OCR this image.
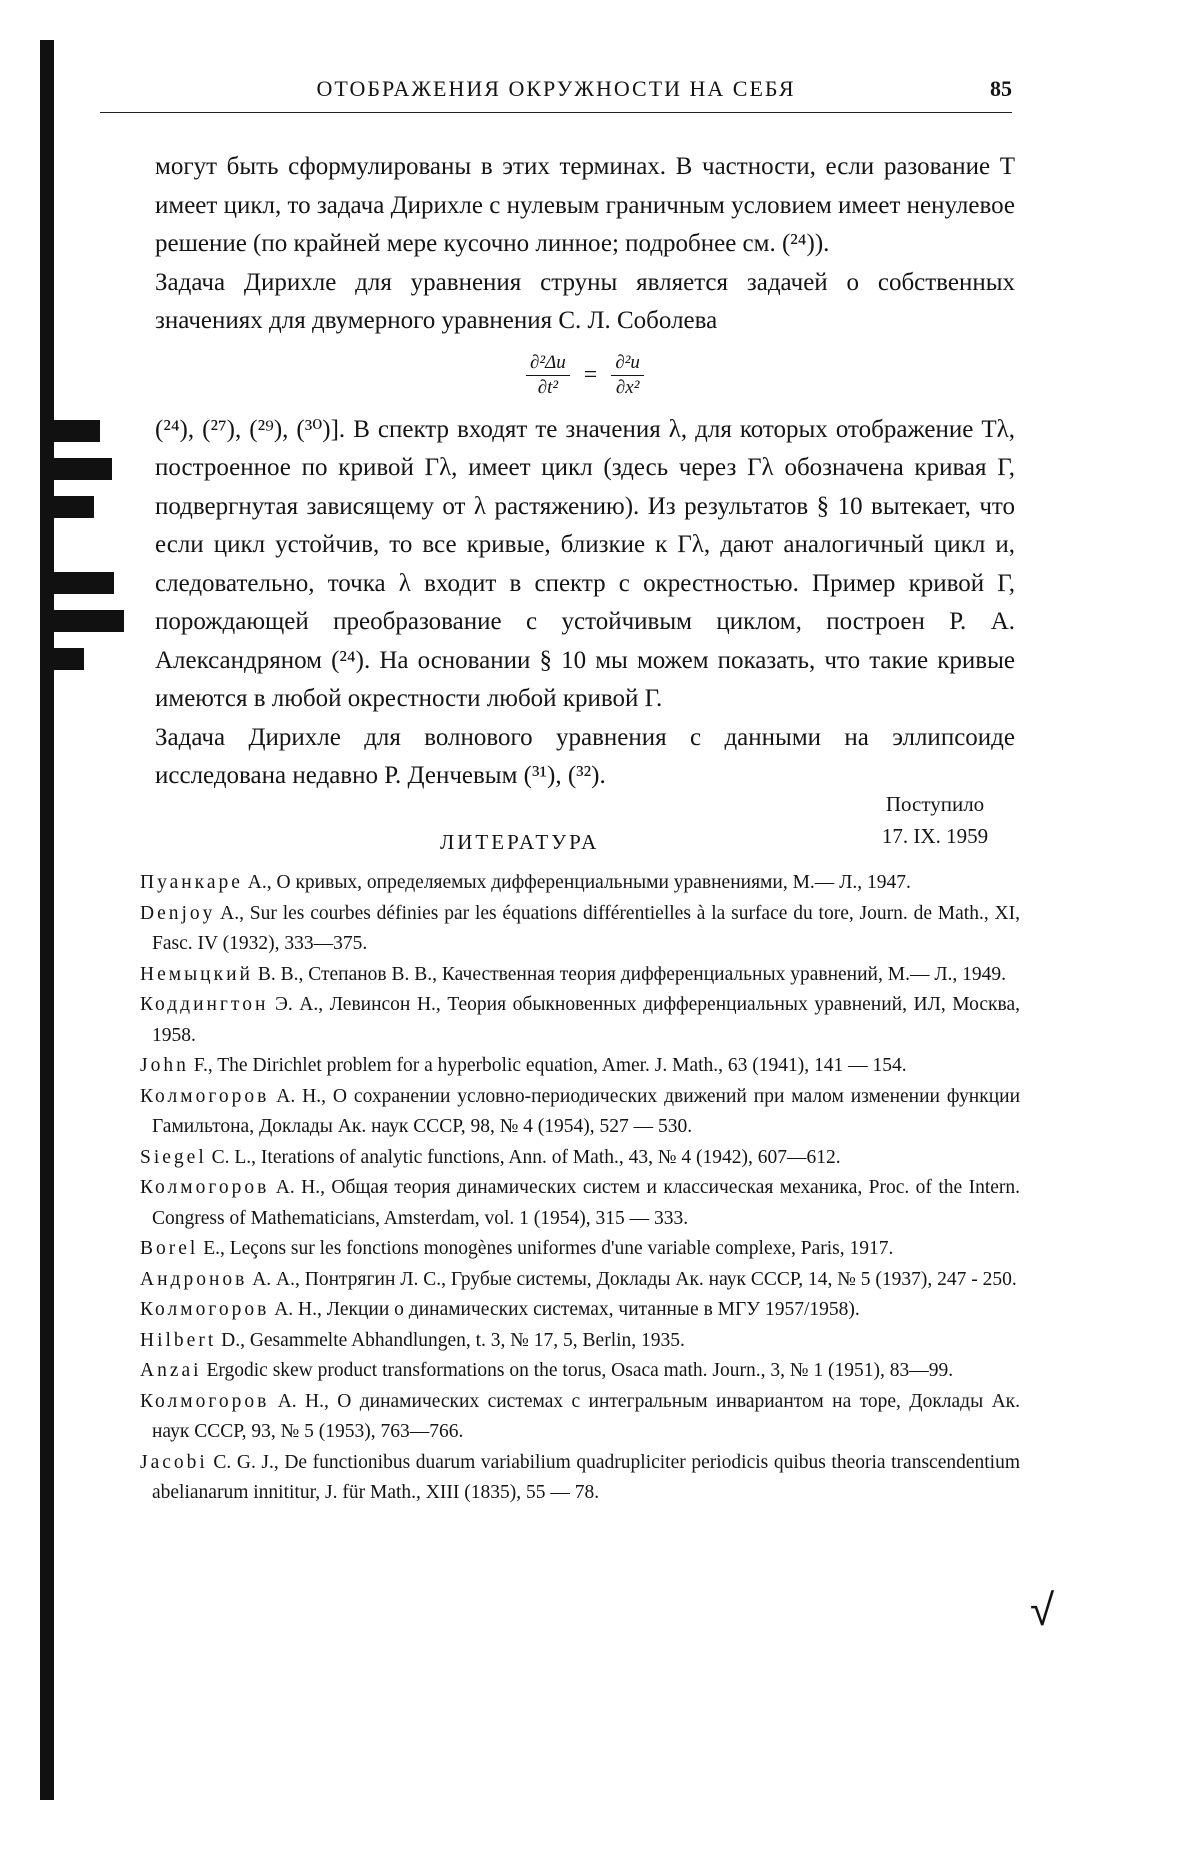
ОТОБРАЖЕНИЯ ОКРУЖНОСТИ НА СЕБЯ	85

могут быть сформулированы в этих терминах. В частности, если разование T имеет цикл, то задача Дирихле с нулевым граничным условием имеет ненулевое решение (по крайней мере кусочно линное; подробнее см. (²⁴)).

Задача Дирихле для уравнения струны является задачей о собственных значениях для двумерного уравнения С. Л. Соболева

$\frac{\text{∂²Δu}}{\text{∂t²}} = \frac{\text{∂²u}}{\text{∂x²}}$

(²⁴), (²⁷), (²⁹), (³⁰)]. В спектр входят те значения λ, для которых отображение Tλ, построенное по кривой Γλ, имеет цикл (здесь через Γλ обозначена кривая Γ, подвергнутая зависящему от λ растяжению). Из результатов § 10 вытекает, что если цикл устойчив, то все кривые, близкие к Γλ, дают аналогичный цикл и, следовательно, точка λ входит в спектр с окрестностью. Пример кривой Γ, порождающей преобразование с устойчивым циклом, построен Р. А. Александряном (²⁴). На основании § 10 мы можем показать, что такие кривые имеются в любой окрестности любой кривой Γ.

Задача Дирихле для волнового уравнения с данными на эллипсоиде исследована недавно Р. Денчевым (³¹), (³²).

Поступило
17. IX. 1959
ЛИТЕРАТУРА

Пуанкаре А., О кривых, определяемых дифференциальными уравнениями, М.— Л., 1947.

Denjoy A., Sur les courbes définies par les équations différentielles à la surface du tore, Journ. de Math., XI, Fasc. IV (1932), 333—375.

Немыцкий В. В., Степанов В. В., Качественная теория дифференциальных уравнений, М.— Л., 1949.

Коддингтон Э. А., Левинсон Н., Теория обыкновенных дифференциальных уравнений, ИЛ, Москва, 1958.

John F., The Dirichlet problem for a hyperbolic equation, Amer. J. Math., 63 (1941), 141 — 154.

Колмогоров А. Н., О сохранении условно-периодических движений при малом изменении функции Гамильтона, Доклады Ак. наук СССР, 98, № 4 (1954), 527 — 530.

Siegel C. L., Iterations of analytic functions, Ann. of Math., 43, № 4 (1942), 607—612.

Колмогоров А. Н., Общая теория динамических систем и классическая механика, Proc. of the Intern. Congress of Mathematicians, Amsterdam, vol. 1 (1954), 315 — 333.

Borel E., Leçons sur les fonctions monogènes uniformes d'une variable complexe, Paris, 1917.

Андронов А. А., Понтрягин Л. С., Грубые системы, Доклады Ак. наук СССР, 14, № 5 (1937), 247 - 250.

Колмогоров А. Н., Лекции о динамических системах, читанные в МГУ 1957/1958).

Hilbert D., Gesammelte Abhandlungen, t. 3, № 17, 5, Berlin, 1935.

Anzai Ergodic skew product transformations on the torus, Osaca math. Journ., 3, № 1 (1951), 83—99.

Колмогоров А. Н., О динамических системах с интегральным инвариантом на торе, Доклады Ак. наук СССР, 93, № 5 (1953), 763—766.

Jacobi C. G. J., De functionibus duarum variabilium quadrupliciter periodicis quibus theoria transcendentium abelianarum innititur, J. für Math., XIII (1835), 55 — 78.

√
